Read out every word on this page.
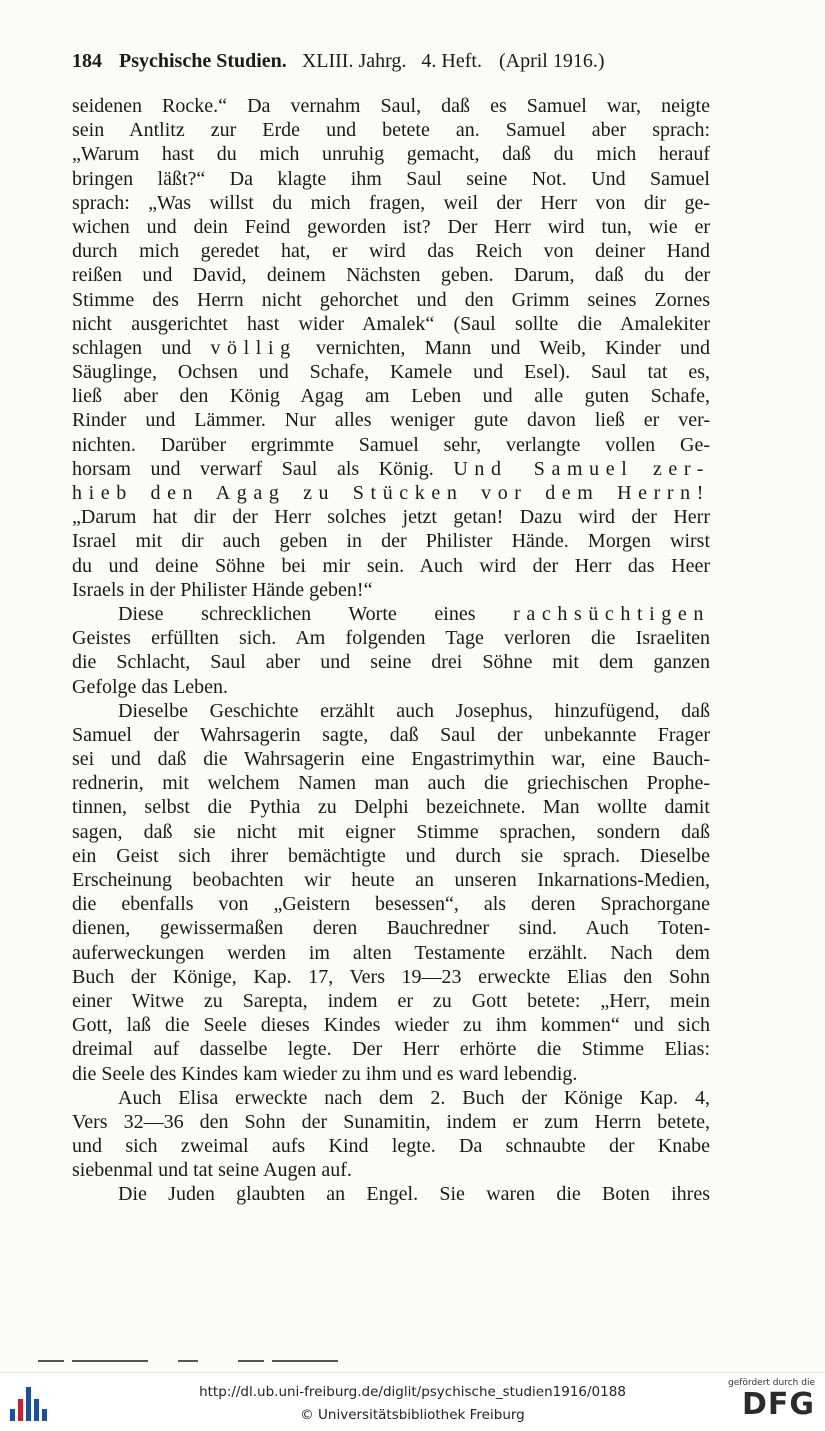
184 Psychische Studien. XLIII. Jahrg. 4. Heft. (April 1916.)
seidenen Rocke.“ Da vernahm Saul, daß es Samuel war, neigte
sein Antlitz zur Erde und betete an. Samuel aber sprach:
„Warum hast du mich unruhig gemacht, daß du mich herauf
bringen läßt?“ Da klagte ihm Saul seine Not. Und Samuel
sprach: „Was willst du mich fragen, weil der Herr von dir ge-
wichen und dein Feind geworden ist? Der Herr wird tun, wie er
durch mich geredet hat, er wird das Reich von deiner Hand
reißen und David, deinem Nächsten geben. Darum, daß du der
Stimme des Herrn nicht gehorchet und den Grimm seines Zornes
nicht ausgerichtet hast wider Amalek“ (Saul sollte die Amalekiter
schlagen und völlig vernichten, Mann und Weib, Kinder und
Säuglinge, Ochsen und Schafe, Kamele und Esel). Saul tat es,
ließ aber den König Agag am Leben und alle guten Schafe,
Rinder und Lämmer. Nur alles weniger gute davon ließ er ver-
nichten. Darüber ergrimmte Samuel sehr, verlangte vollen Ge-
horsam und verwarf Saul als König. Und Samuel zer-
hieb den Agag zu Stücken vor dem Herrn!
„Darum hat dir der Herr solches jetzt getan! Dazu wird der Herr
Israel mit dir auch geben in der Philister Hände. Morgen wirst
du und deine Söhne bei mir sein. Auch wird der Herr das Heer
Israels in der Philister Hände geben!“
Diese schrecklichen Worte eines rachsüchtigen
Geistes erfüllten sich. Am folgenden Tage verloren die Israeliten
die Schlacht, Saul aber und seine drei Söhne mit dem ganzen
Gefolge das Leben.
Dieselbe Geschichte erzählt auch Josephus, hinzufügend, daß
Samuel der Wahrsagerin sagte, daß Saul der unbekannte Frager
sei und daß die Wahrsagerin eine Engastrimythin war, eine Bauch-
rednerin, mit welchem Namen man auch die griechischen Prophe-
tinnen, selbst die Pythia zu Delphi bezeichnete. Man wollte damit
sagen, daß sie nicht mit eigner Stimme sprachen, sondern daß
ein Geist sich ihrer bemächtigte und durch sie sprach. Dieselbe
Erscheinung beobachten wir heute an unseren Inkarnations-Medien,
die ebenfalls von „Geistern besessen“, als deren Sprachorgane
dienen, gewissermaßen deren Bauchredner sind. Auch Toten-
auferweckungen werden im alten Testamente erzählt. Nach dem
Buch der Könige, Kap. 17, Vers 19—23 erweckte Elias den Sohn
einer Witwe zu Sarepta, indem er zu Gott betete: „Herr, mein
Gott, laß die Seele dieses Kindes wieder zu ihm kommen“ und sich
dreimal auf dasselbe legte. Der Herr erhörte die Stimme Elias:
die Seele des Kindes kam wieder zu ihm und es ward lebendig.
Auch Elisa erweckte nach dem 2. Buch der Könige Kap. 4,
Vers 32—36 den Sohn der Sunamitin, indem er zum Herrn betete,
und sich zweimal aufs Kind legte. Da schnaubte der Knabe
siebenmal und tat seine Augen auf.
Die Juden glaubten an Engel. Sie waren die Boten ihres
http://dl.ub.uni-freiburg.de/diglit/psychische_studien1916/0188
© Universitätsbibliothek Freiburg
gefördert durch die
DFG
